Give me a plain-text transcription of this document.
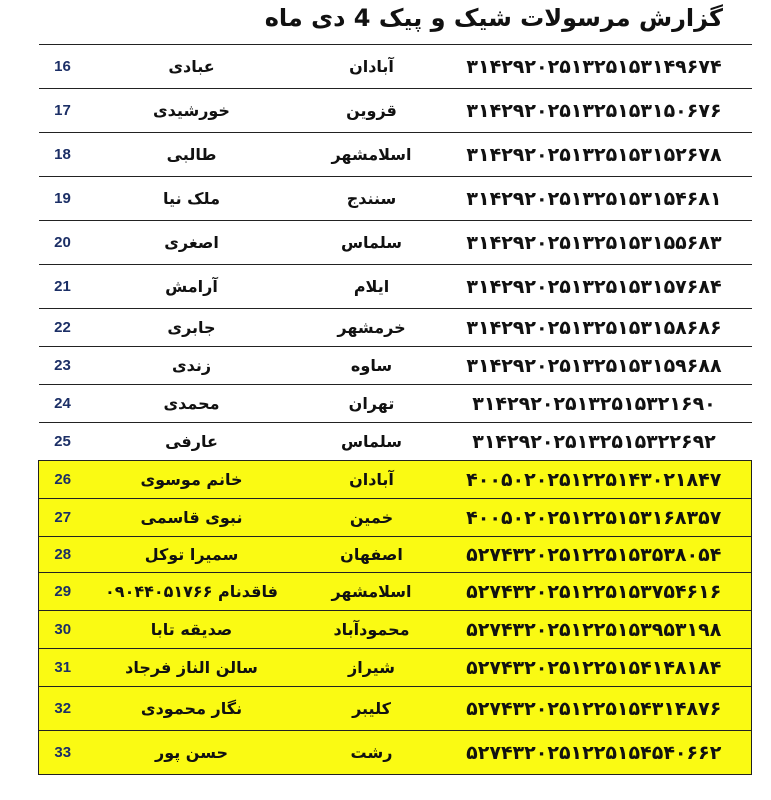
گزارش مرسولات شیک و پیک 4 دی ماه
16	عبادی	آبادان	۳۱۴۲۹۲۰۲۵۱۳۲۵۱۵۳۱۴۹۶۷۴
17	خورشیدی	قزوین	۳۱۴۲۹۲۰۲۵۱۳۲۵۱۵۳۱۵۰۶۷۶
18	طالبی	اسلامشهر	۳۱۴۲۹۲۰۲۵۱۳۲۵۱۵۳۱۵۲۶۷۸
19	ملک نیا	سنندج	۳۱۴۲۹۲۰۲۵۱۳۲۵۱۵۳۱۵۴۶۸۱
20	اصغری	سلماس	۳۱۴۲۹۲۰۲۵۱۳۲۵۱۵۳۱۵۵۶۸۳
21	آرامش	ایلام	۳۱۴۲۹۲۰۲۵۱۳۲۵۱۵۳۱۵۷۶۸۴
22	جابری	خرمشهر	۳۱۴۲۹۲۰۲۵۱۳۲۵۱۵۳۱۵۸۶۸۶
23	زندی	ساوه	۳۱۴۲۹۲۰۲۵۱۳۲۵۱۵۳۱۵۹۶۸۸
24	محمدی	تهران	۳۱۴۲۹۲۰۲۵۱۳۲۵۱۵۳۲۱۶۹۰
25	عارفی	سلماس	۳۱۴۲۹۲۰۲۵۱۳۲۵۱۵۳۲۲۶۹۲
26	خانم موسوی	آبادان	۴۰۰۵۰۲۰۲۵۱۲۲۵۱۴۳۰۲۱۸۴۷
27	نبوی قاسمی	خمین	۴۰۰۵۰۲۰۲۵۱۲۲۵۱۵۳۱۶۸۳۵۷
28	سمیرا توکل	اصفهان	۵۲۷۴۳۲۰۲۵۱۲۲۵۱۵۳۵۳۸۰۵۴
29	فاقدنام ۰۹۰۴۴۰۵۱۷۶۶	اسلامشهر	۵۲۷۴۳۲۰۲۵۱۲۲۵۱۵۳۷۵۴۶۱۶
30	صدیقه تابا	محمودآباد	۵۲۷۴۳۲۰۲۵۱۲۲۵۱۵۳۹۵۳۱۹۸
31	سالن الناز فرجاد	شیراز	۵۲۷۴۳۲۰۲۵۱۲۲۵۱۵۴۱۴۸۱۸۴
32	نگار محمودی	کلیبر	۵۲۷۴۳۲۰۲۵۱۲۲۵۱۵۴۳۱۴۸۷۶
33	حسن پور	رشت	۵۲۷۴۳۲۰۲۵۱۲۲۵۱۵۴۵۴۰۶۶۲
